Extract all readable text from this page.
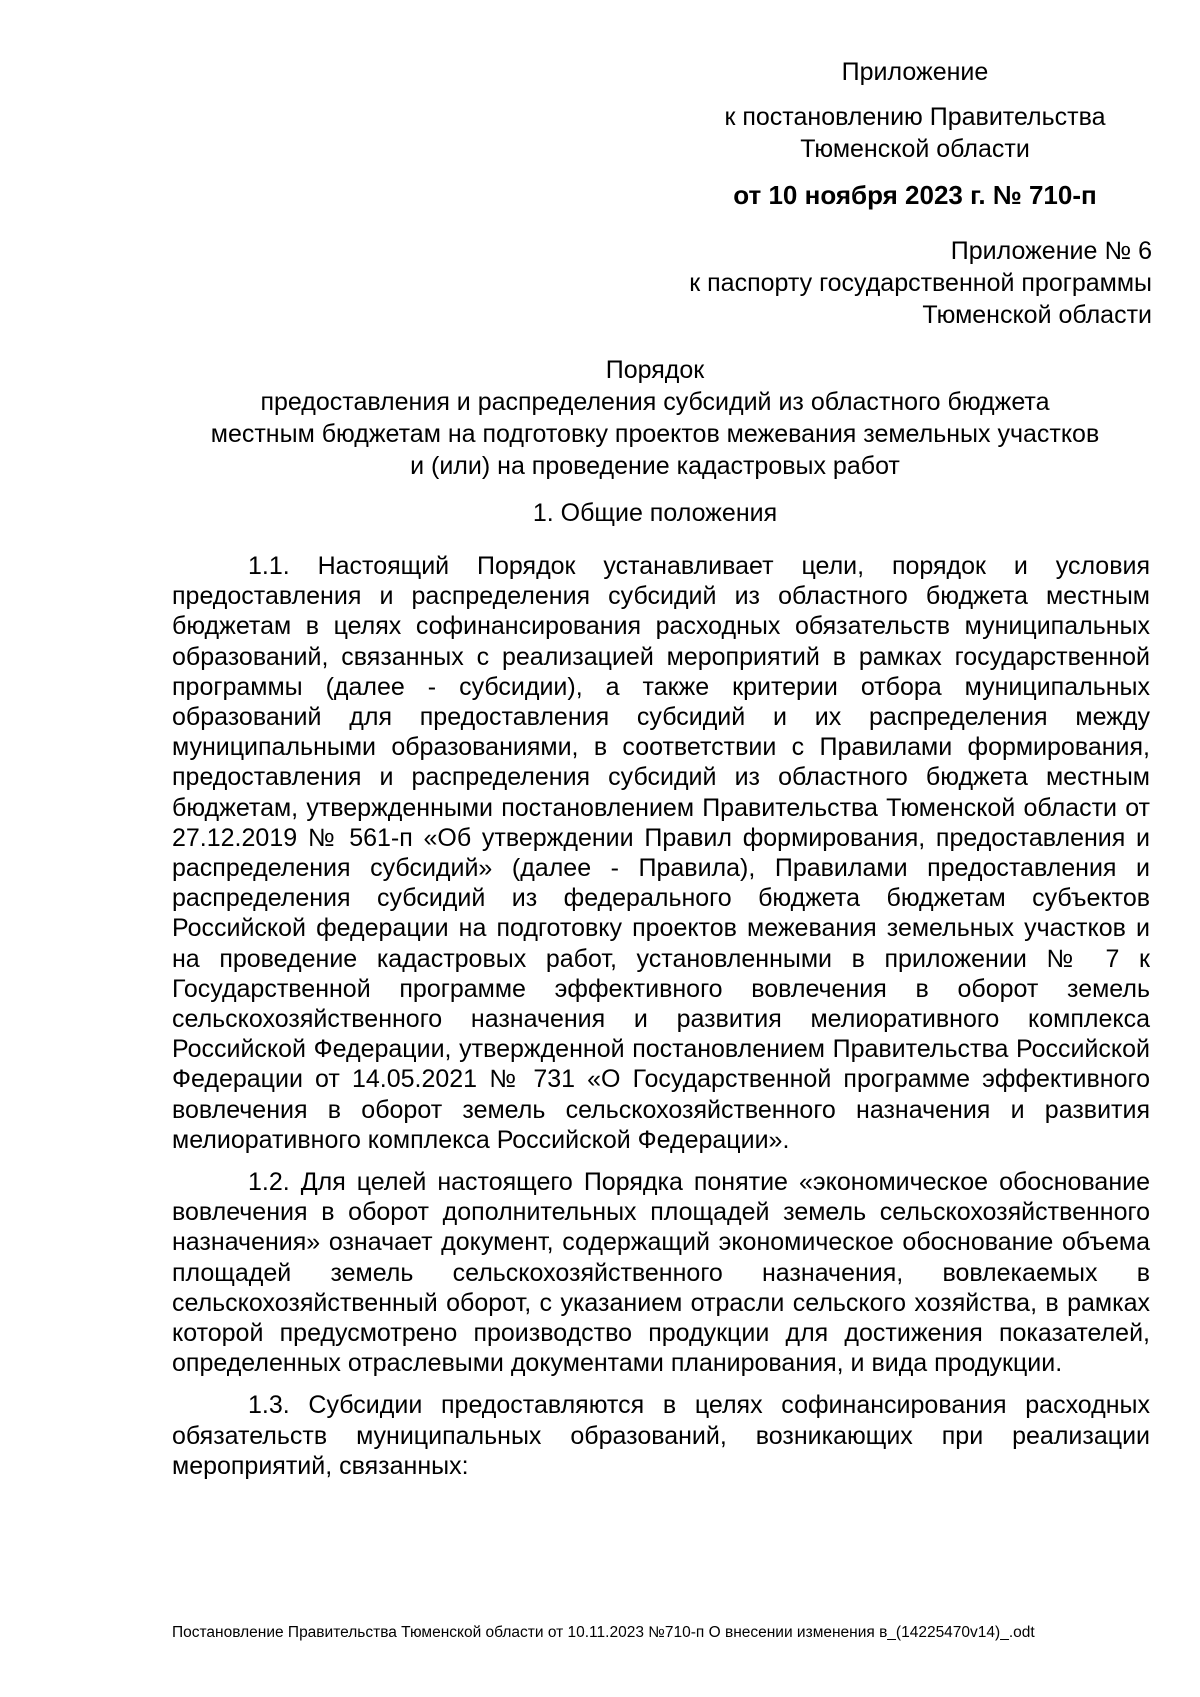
Приложение

к постановлению Правительства Тюменской области

от 10 ноября 2023 г. № 710-п

Приложение № 6

к паспорту государственной программы

Тюменской области

Порядок

предоставления и распределения субсидий из областного бюджета

местным бюджетам на подготовку проектов межевания земельных участков

и (или) на проведение кадастровых работ

1. Общие положения

1.1. Настоящий Порядок устанавливает цели, порядок и условия предоставления и распределения субсидий из областного бюджета местным бюджетам в целях софинансирования расходных обязательств муниципальных образований, связанных с реализацией мероприятий в рамках государственной программы (далее - субсидии), а также критерии отбора муниципальных образований для предоставления субсидий и их распределения между муниципальными образованиями, в соответствии с Правилами формирования, предоставления и распределения субсидий из областного бюджета местным бюджетам, утвержденными постановлением Правительства Тюменской области от 27.12.2019 № 561-п «Об утверждении Правил формирования, предоставления и распределения субсидий» (далее - Правила), Правилами предоставления и распределения субсидий из федерального бюджета бюджетам субъектов Российской федерации на подготовку проектов межевания земельных участков и на проведение кадастровых работ, установленными в приложении № 7 к Государственной программе эффективного вовлечения в оборот земель сельскохозяйственного назначения и развития мелиоративного комплекса Российской Федерации, утвержденной постановлением Правительства Российской Федерации от 14.05.2021 № 731 «О Государственной программе эффективного вовлечения в оборот земель сельскохозяйственного назначения и развития мелиоративного комплекса Российской Федерации».

1.2. Для целей настоящего Порядка понятие «экономическое обоснование вовлечения в оборот дополнительных площадей земель сельскохозяйственного назначения» означает документ, содержащий экономическое обоснование объема площадей земель сельскохозяйственного назначения, вовлекаемых в сельскохозяйственный оборот, с указанием отрасли сельского хозяйства, в рамках которой предусмотрено производство продукции для достижения показателей, определенных отраслевыми документами планирования, и вида продукции.

1.3. Субсидии предоставляются в целях софинансирования расходных обязательств муниципальных образований, возникающих при реализации мероприятий, связанных:

Постановление Правительства Тюменской области от 10.11.2023 №710-п О внесении изменения в_(14225470v14)_.odt
